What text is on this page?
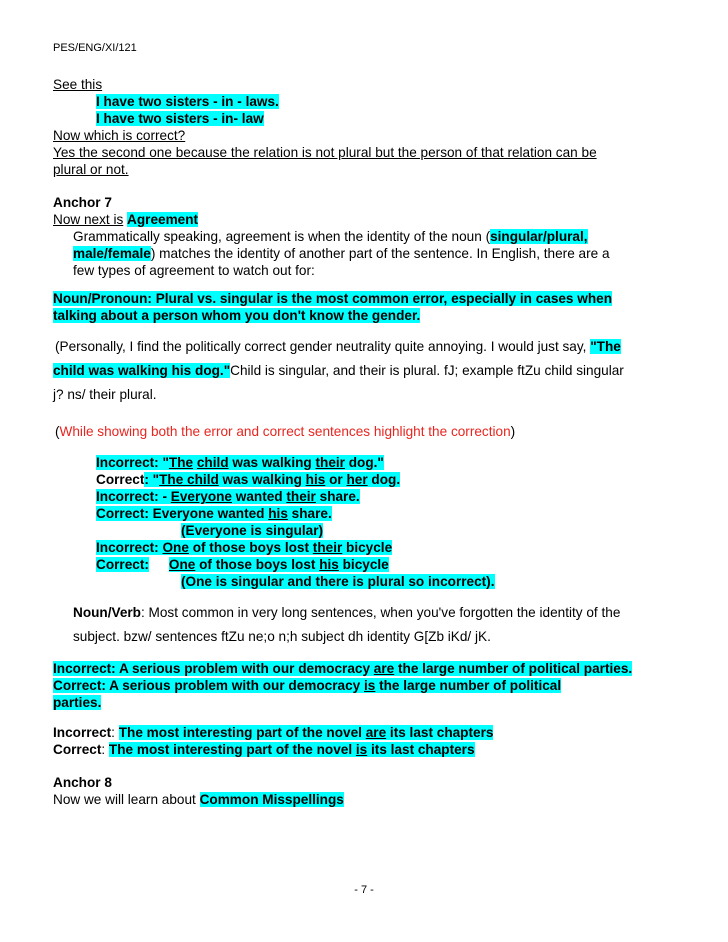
PES/ENG/XI/121
See this
I have two sisters - in - laws.
I have two sisters - in- law
Now which is correct?
Yes the second one because the relation is not plural but the person of that relation can be
plural or not.
Anchor 7
Now next is Agreement
Grammatically speaking, agreement is when the identity of the noun (singular/plural,
male/female) matches the identity of another part of the sentence. In English, there are a
few types of agreement to watch out for:
Noun/Pronoun: Plural vs. singular is the most common error, especially in cases when
talking about a person whom you don't know the gender.
(Personally, I find the politically correct gender neutrality quite annoying. I would just say, "The
child was walking his dog."Child is singular, and their is plural. fJ; example ftZu child singular
j? ns/ their plural.
(While showing both the error and correct sentences highlight the correction)
Incorrect: "The child was walking their dog."
Correct: "The child was walking his or her dog.
Incorrect: - Everyone wanted their share.
Correct: Everyone wanted his share.
(Everyone is singular)
Incorrect: One of those boys lost their bicycle
Correct: One of those boys lost his bicycle
(One is singular and there is plural so incorrect).
Noun/Verb: Most common in very long sentences, when you've forgotten the identity of the
subject. bzw/ sentences ftZu ne;o n;h subject dh identity G[Zb iKd/ jK.
Incorrect: A serious problem with our democracy are the large number of political parties.
Correct: A serious problem with our democracy is the large number of political
parties.
Incorrect: The most interesting part of the novel are its last chapters
Correct: The most interesting part of the novel is its last chapters
Anchor 8
Now we will learn about Common Misspellings
- 7 -
